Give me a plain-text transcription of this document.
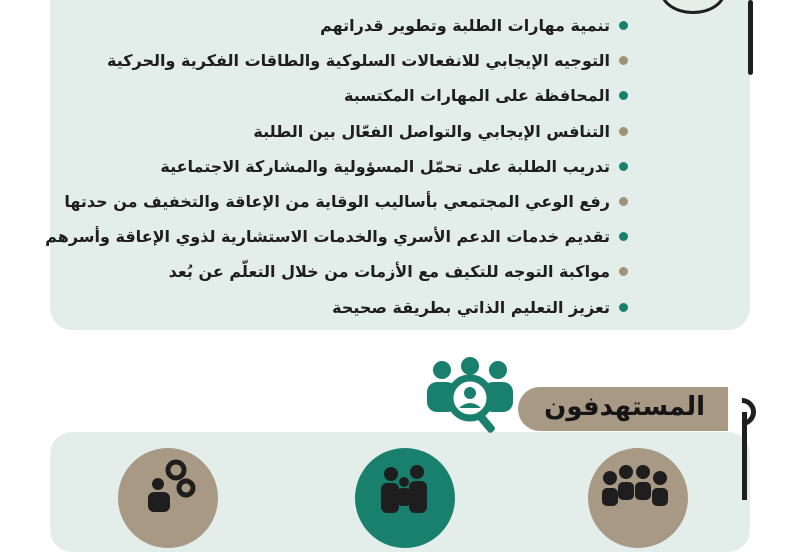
تنمية مهارات الطلبة وتطوير قدراتهم
التوجيه الإيجابي للانفعالات السلوكية والطاقات الفكرية والحركية
المحافظة على المهارات المكتسبة
التنافس الإيجابي والتواصل الفعّال بين الطلبة
تدريب الطلبة على تحمّل المسؤولية والمشاركة الاجتماعية
رفع الوعي المجتمعي بأساليب الوقاية من الإعاقة والتخفيف من حدتها
تقديم خدمات الدعم الأسري والخدمات الاستشارية لذوي الإعاقة وأسرهم
مواكبة التوجه للتكيف مع الأزمات من خلال التعلّم عن بُعد
تعزيز التعليم الذاتي بطريقة صحيحة
المستهدفون
